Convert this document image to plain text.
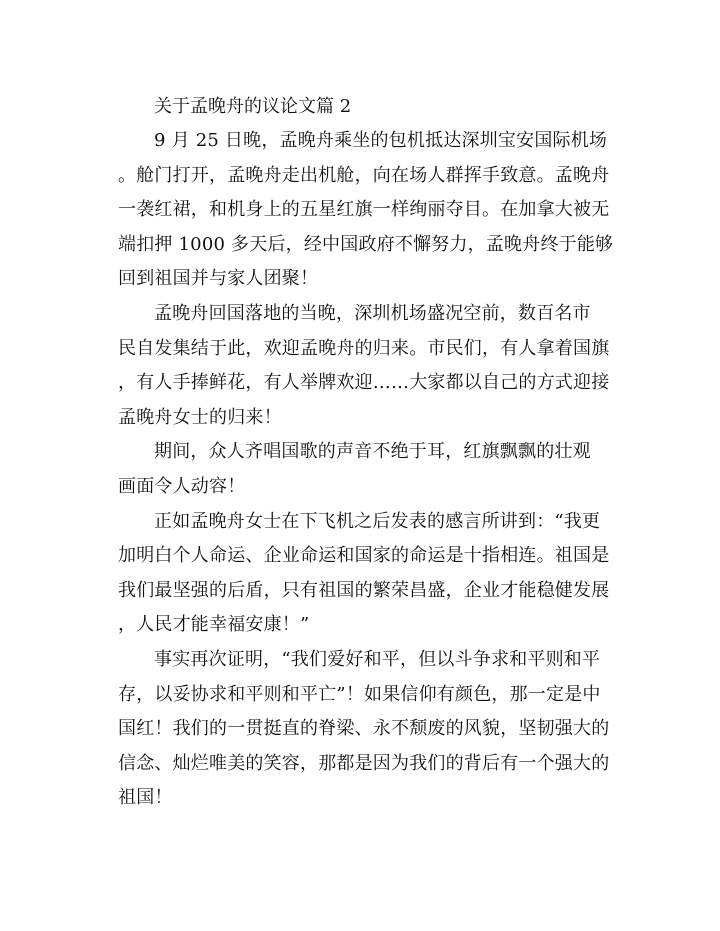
关于孟晚舟的议论文篇 2
9 月 25 日晚，孟晚舟乘坐的包机抵达深圳宝安国际机场
。舱门打开，孟晚舟走出机舱，向在场人群挥手致意。孟晚舟
一袭红裙，和机身上的五星红旗一样绚丽夺目。在加拿大被无
端扣押 1000 多天后，经中国政府不懈努力，孟晚舟终于能够
回到祖国并与家人团聚！
孟晚舟回国落地的当晚，深圳机场盛况空前，数百名市
民自发集结于此，欢迎孟晚舟的归来。市民们，有人拿着国旗
，有人手捧鲜花，有人举牌欢迎……大家都以自己的方式迎接
孟晚舟女士的归来！
期间，众人齐唱国歌的声音不绝于耳，红旗飘飘的壮观
画面令人动容！
正如孟晚舟女士在下飞机之后发表的感言所讲到：“我更
加明白个人命运、企业命运和国家的命运是十指相连。祖国是
我们最坚强的后盾，只有祖国的繁荣昌盛，企业才能稳健发展
，人民才能幸福安康！”
事实再次证明，“我们爱好和平，但以斗争求和平则和平
存，以妥协求和平则和平亡”！如果信仰有颜色，那一定是中
国红！我们的一贯挺直的脊梁、永不颓废的风貌，坚韧强大的
信念、灿烂唯美的笑容，那都是因为我们的背后有一个强大的
祖国！
